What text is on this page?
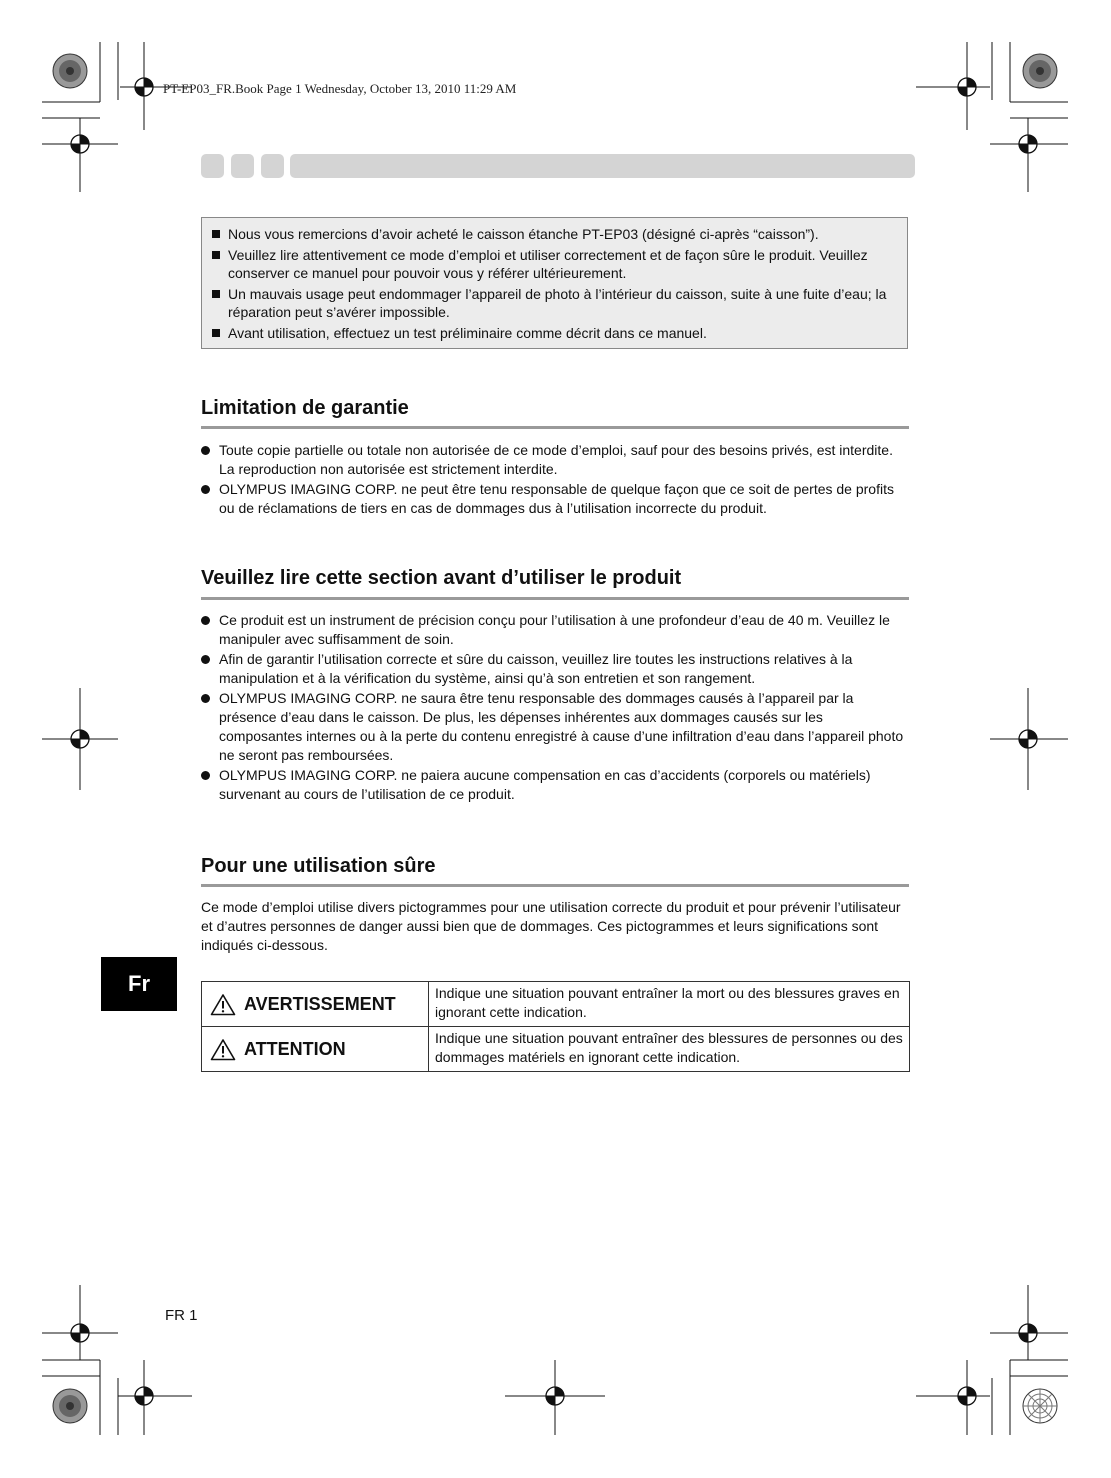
PT-EP03_FR.Book Page 1 Wednesday, October 13, 2010 11:29 AM
Nous vous remercions d’avoir acheté le caisson étanche PT-EP03 (désigné ci-après “caisson”).
Veuillez lire attentivement ce mode d’emploi et utiliser correctement et de façon sûre le produit. Veuillez conserver ce manuel pour pouvoir vous y référer ultérieurement.
Un mauvais usage peut endommager l’appareil de photo à l’intérieur du caisson, suite à une fuite d’eau; la réparation peut s’avérer impossible.
Avant utilisation, effectuez un test préliminaire comme décrit dans ce manuel.
Limitation de garantie
Toute copie partielle ou totale non autorisée de ce mode d’emploi, sauf pour des besoins privés, est interdite. La reproduction non autorisée est strictement interdite.
OLYMPUS IMAGING CORP. ne peut être tenu responsable de quelque façon que ce soit de pertes de profits ou de réclamations de tiers en cas de dommages dus à l’utilisation incorrecte du produit.
Veuillez lire cette section avant d’utiliser le produit
Ce produit est un instrument de précision conçu pour l’utilisation à une profondeur d’eau de 40 m. Veuillez le manipuler avec suffisamment de soin.
Afin de garantir l’utilisation correcte et sûre du caisson, veuillez lire toutes les instructions relatives à la manipulation et à la vérification du système, ainsi qu’à son entretien et son rangement.
OLYMPUS IMAGING CORP. ne saura être tenu responsable des dommages causés à l’appareil par la présence d’eau dans le caisson. De plus, les dépenses inhérentes aux dommages causés sur les composantes internes ou à la perte du contenu enregistré à cause d’une infiltration d’eau dans l’appareil photo ne seront pas remboursées.
OLYMPUS IMAGING CORP. ne paiera aucune compensation en cas d’accidents (corporels ou matériels) survenant au cours de l’utilisation de ce produit.
Pour une utilisation sûre
Ce mode d’emploi utilise divers pictogrammes pour une utilisation correcte du produit et pour prévenir l’utilisateur et d’autres personnes de danger aussi bien que de dommages. Ces pictogrammes et leurs significations sont indiqués ci-dessous.
Fr
AVERTISSEMENT	Indique une situation pouvant entraîner la mort ou des blessures graves en ignorant cette indication.

ATTENTION	Indique une situation pouvant entraîner des blessures de personnes ou des dommages matériels en ignorant cette indication.
FR 1
